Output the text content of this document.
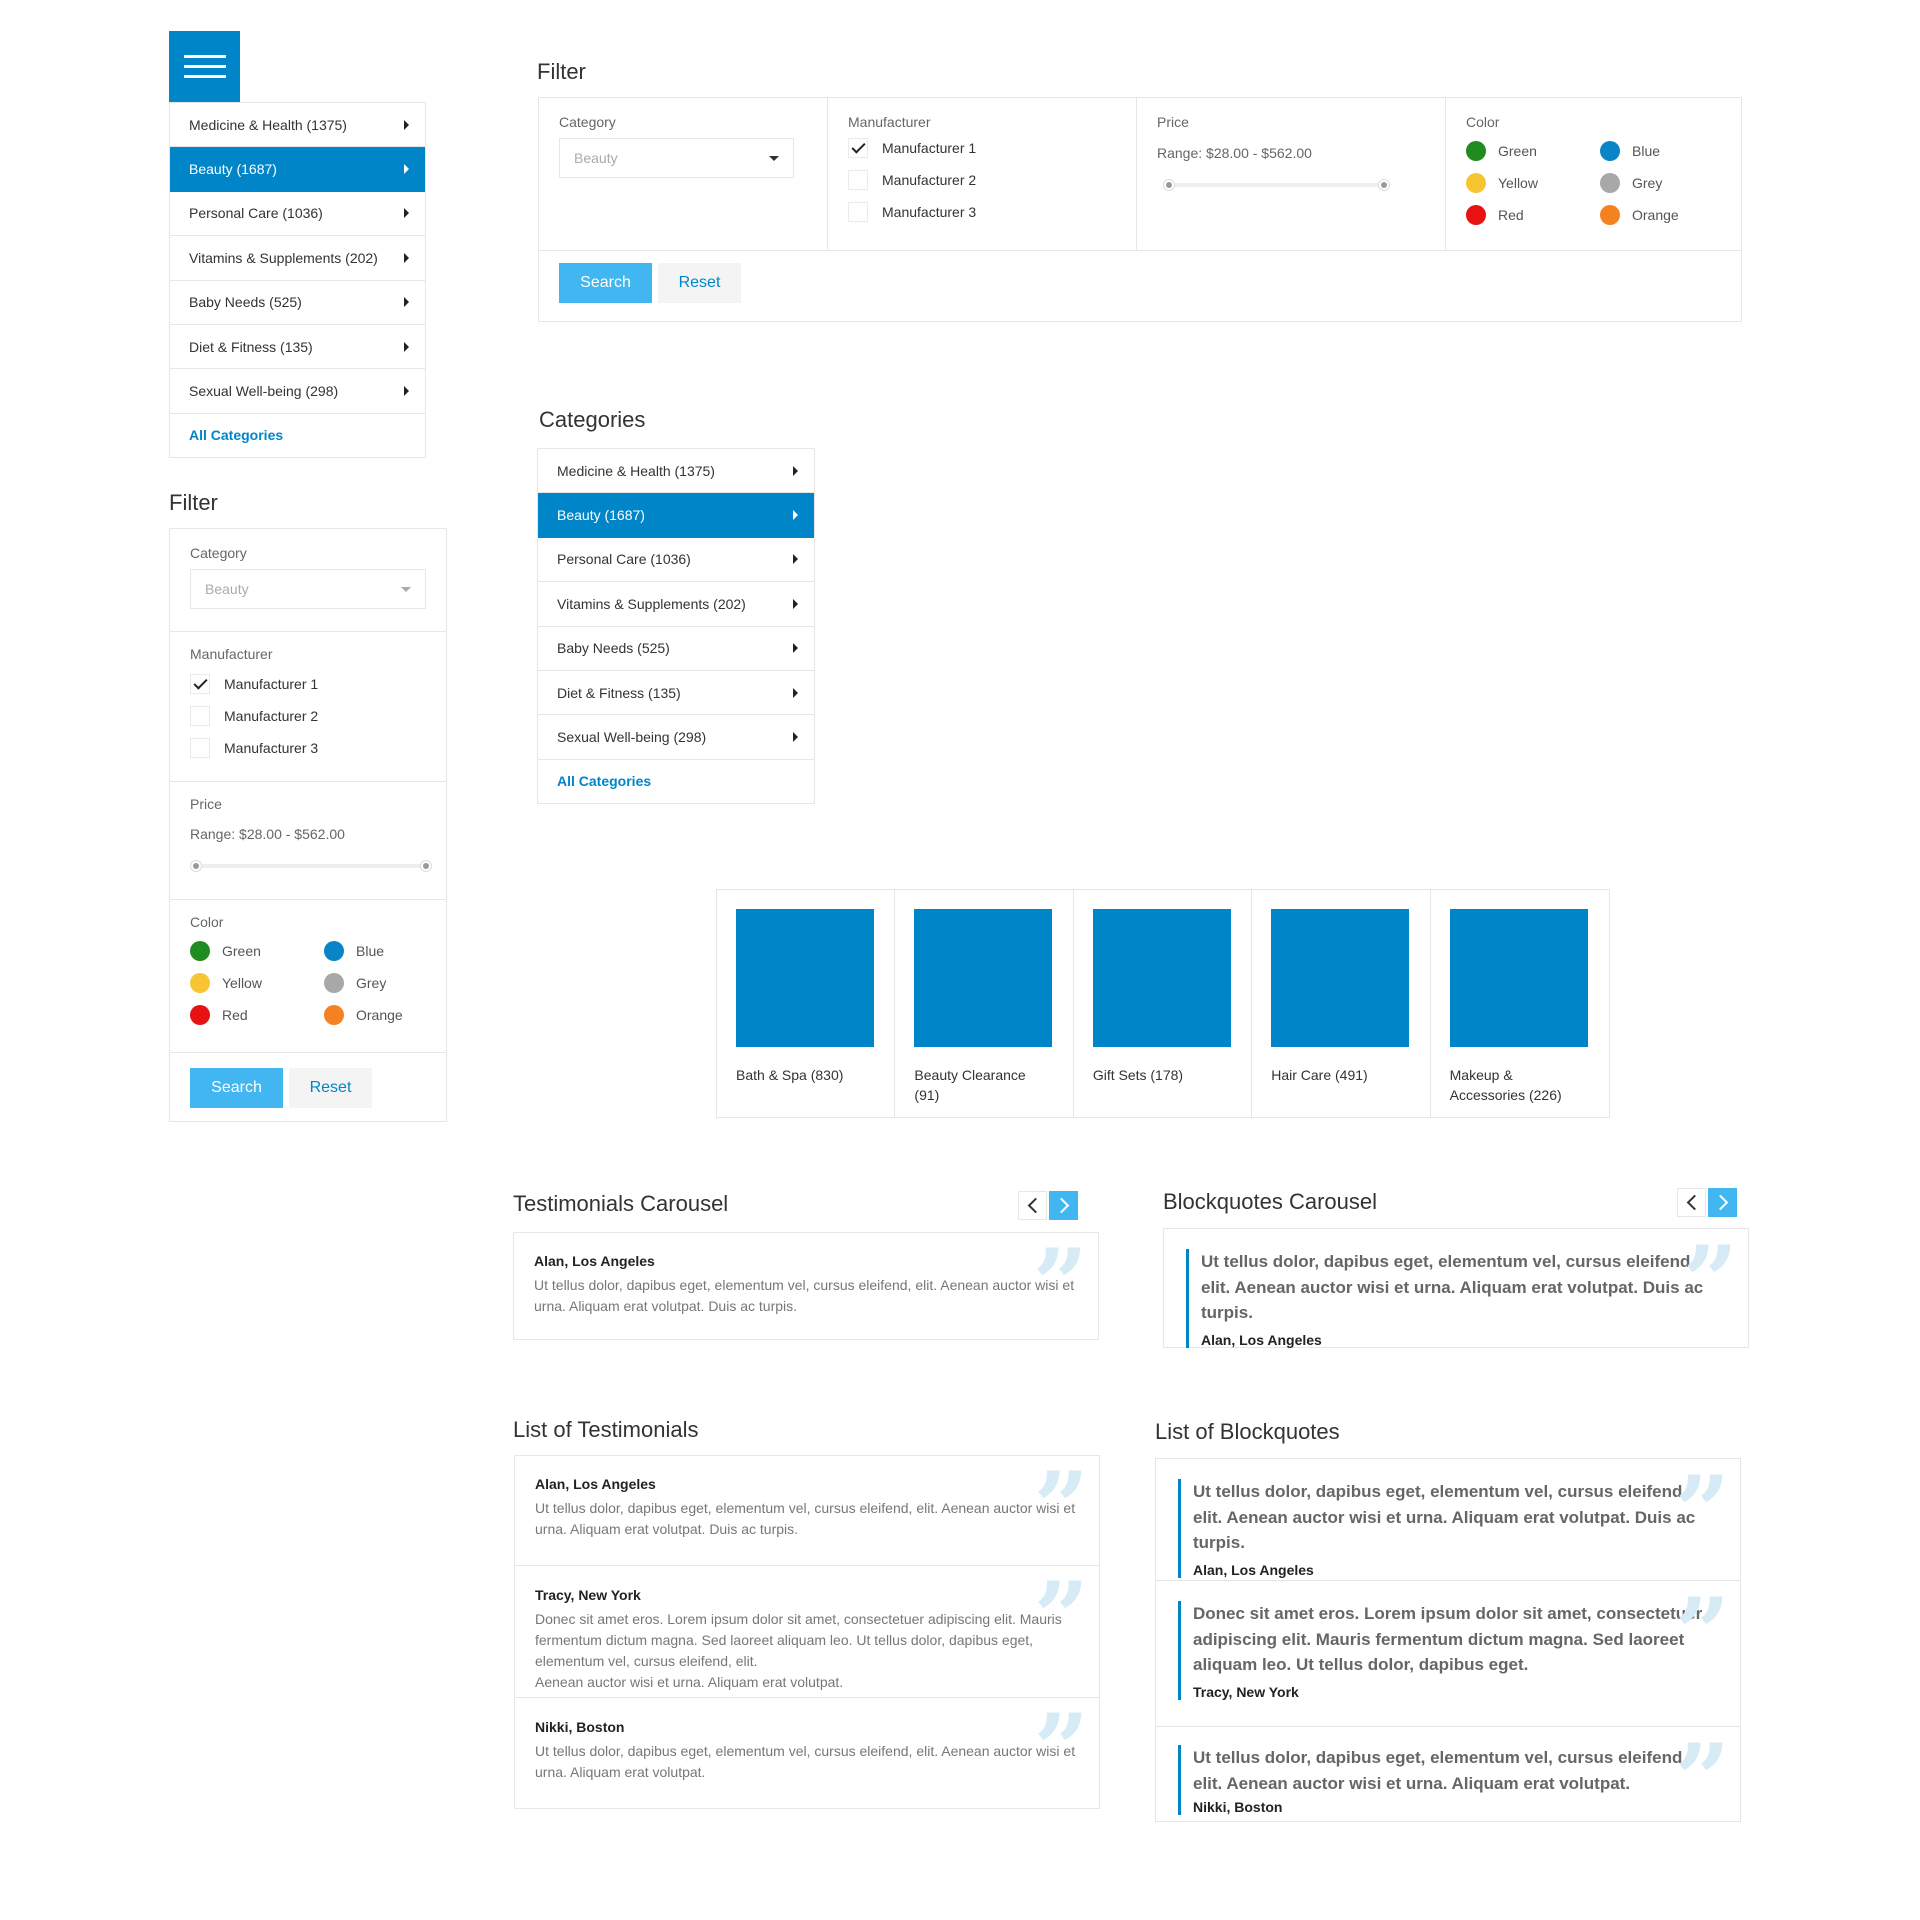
Medicine & Health (1375)
Beauty (1687)
Personal Care (1036)
Vitamins & Supplements (202)
Baby Needs (525)
Diet & Fitness (135)
Sexual Well-being (298)
All Categories
Filter
Category
Beauty
Manufacturer
Manufacturer 1
Manufacturer 2
Manufacturer 3
Price
Range: $28.00 - $562.00
Color
Green	Blue
Yellow	Grey
Red	Orange
Search	Reset
Filter
Category
Beauty
Manufacturer
Manufacturer 1
Manufacturer 2
Manufacturer 3
Price
Range: $28.00 - $562.00
Color
Green	Blue
Yellow	Grey
Red	Orange
Search	Reset
Categories
Medicine & Health (1375)
Beauty (1687)
Personal Care (1036)
Vitamins & Supplements (202)
Baby Needs (525)
Diet & Fitness (135)
Sexual Well-being (298)
All Categories
Bath & Spa (830)	Beauty Clearance (91)
Gift Sets (178)	Hair Care (491)	Makeup & Accessories (226)
Testimonials Carousel
Alan, Los Angeles
Ut tellus dolor, dapibus eget, elementum vel, cursus eleifend, elit. Aenean auctor wisi et urna. Aliquam erat volutpat. Duis ac turpis.	”
Blockquotes Carousel
Ut tellus dolor, dapibus eget, elementum vel, cursus eleifend, elit. Aenean auctor wisi et urna. Aliquam erat volutpat. Duis ac turpis.
Alan, Los Angeles
”
List of Testimonials
Alan, Los Angeles
Ut tellus dolor, dapibus eget, elementum vel, cursus eleifend, elit. Aenean auctor wisi et urna. Aliquam erat volutpat. Duis ac turpis.	”
Tracy, New York
Donec sit amet eros. Lorem ipsum dolor sit amet, consectetuer adipiscing elit. Mauris fermentum dictum magna. Sed laoreet aliquam leo. Ut tellus dolor, dapibus eget, elementum vel, cursus eleifend, elit.
Aenean auctor wisi et urna. Aliquam erat volutpat.
”
Nikki, Boston
Ut tellus dolor, dapibus eget, elementum vel, cursus eleifend, elit. Aenean auctor wisi et urna. Aliquam erat volutpat.	”
List of Blockquotes
Ut tellus dolor, dapibus eget, elementum vel, cursus eleifend, elit. Aenean auctor wisi et urna. Aliquam erat volutpat. Duis ac turpis.
Alan, Los Angeles
”
Donec sit amet eros. Lorem ipsum dolor sit amet, consectetuer adipiscing elit. Mauris fermentum dictum magna. Sed laoreet aliquam leo. Ut tellus dolor, dapibus eget.
Tracy, New York
”
Ut tellus dolor, dapibus eget, elementum vel, cursus eleifend, elit. Aenean auctor wisi et urna. Aliquam erat volutpat.
Nikki, Boston	”
